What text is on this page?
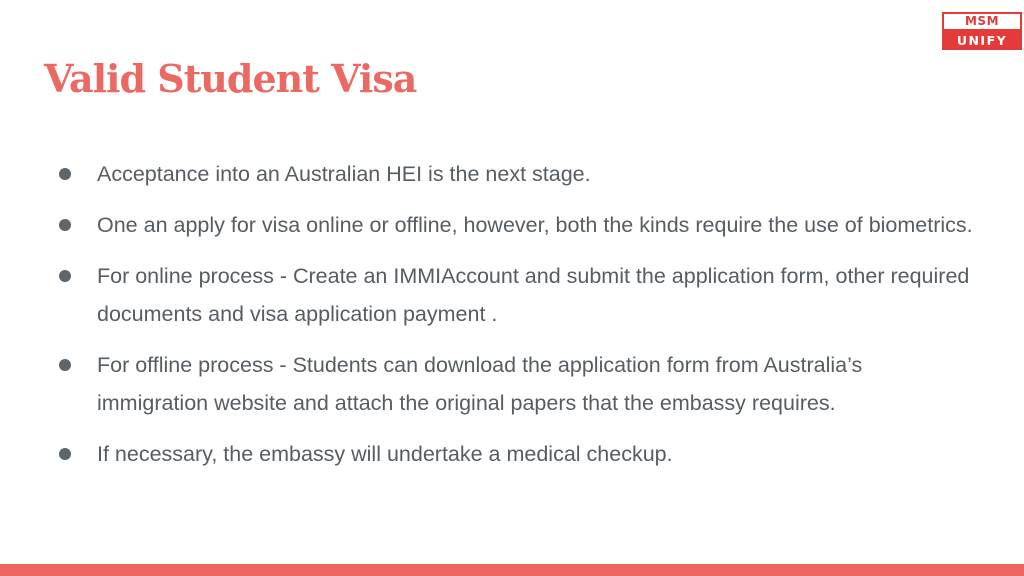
MSM
UNIFY
Valid Student Visa
Acceptance into an Australian HEI is the next stage.
One an apply for visa online or offline, however, both the kinds require the use of biometrics.
For online process - Create an IMMIAccount and submit the application form, other required documents and visa application payment .
For offline process - Students can download the application form from Australia’s immigration website and attach the original papers that the embassy requires.
If necessary, the embassy will undertake a medical checkup.
